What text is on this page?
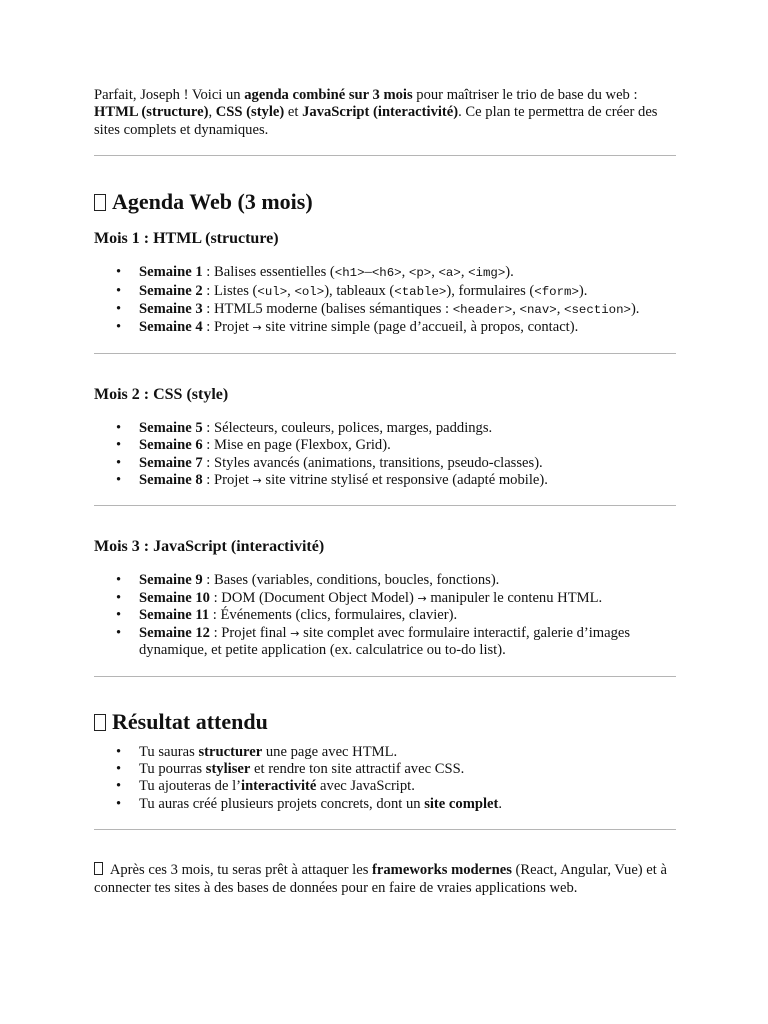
Parfait, Joseph ! Voici un agenda combiné sur 3 mois pour maîtriser le trio de base du web : HTML (structure), CSS (style) et JavaScript (interactivité). Ce plan te permettra de créer des sites complets et dynamiques.

Agenda Web (3 mois)
Mois 1 : HTML (structure)
• Semaine 1 : Balises essentielles (<h1>–<h6>, <p>, <a>, <img>).
• Semaine 2 : Listes (<ul>, <ol>), tableaux (<table>), formulaires (<form>).
• Semaine 3 : HTML5 moderne (balises sémantiques : <header>, <nav>, <section>).
• Semaine 4 : Projet → site vitrine simple (page d’accueil, à propos, contact).
Mois 2 : CSS (style)
• Semaine 5 : Sélecteurs, couleurs, polices, marges, paddings.
• Semaine 6 : Mise en page (Flexbox, Grid).
• Semaine 7 : Styles avancés (animations, transitions, pseudo-classes).
• Semaine 8 : Projet → site vitrine stylisé et responsive (adapté mobile).
Mois 3 : JavaScript (interactivité)
• Semaine 9 : Bases (variables, conditions, boucles, fonctions).
• Semaine 10 : DOM (Document Object Model) → manipuler le contenu HTML.
• Semaine 11 : Événements (clics, formulaires, clavier).
• Semaine 12 : Projet final → site complet avec formulaire interactif, galerie d’images dynamique, et petite application (ex. calculatrice ou to-do list).
Résultat attendu
• Tu sauras structurer une page avec HTML.
• Tu pourras styliser et rendre ton site attractif avec CSS.
• Tu ajouteras de l’interactivité avec JavaScript.
• Tu auras créé plusieurs projets concrets, dont un site complet.

Après ces 3 mois, tu seras prêt à attaquer les frameworks modernes (React, Angular, Vue) et à connecter tes sites à des bases de données pour en faire de vraies applications web.
